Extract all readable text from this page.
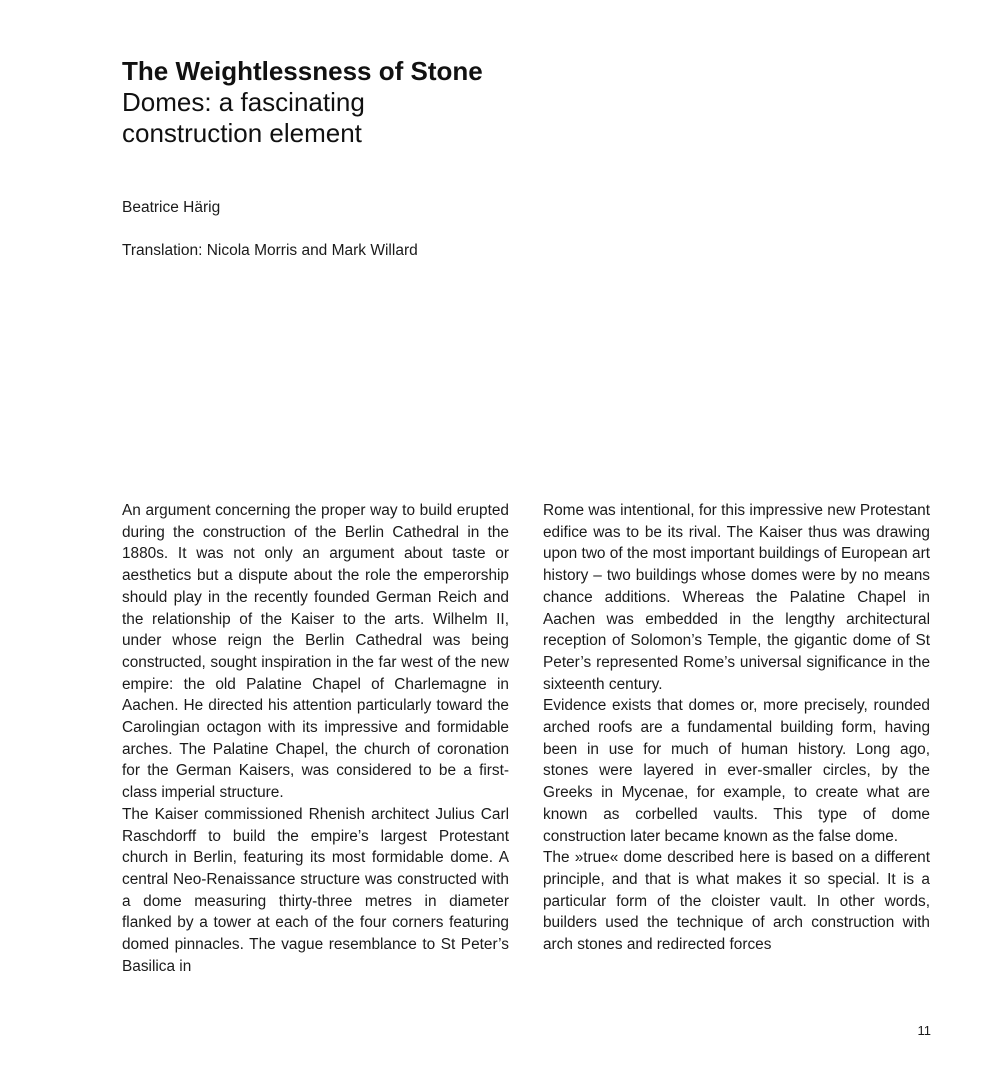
The Weightlessness of Stone
Domes: a fascinating construction element

Beatrice Härig

Translation: Nicola Morris and Mark Willard

An argument concerning the proper way to build erupted during the construction of the Berlin Cathedral in the 1880s. It was not only an argument about taste or aesthetics but a dispute about the role the emperorship should play in the recently founded German Reich and the relationship of the Kaiser to the arts. Wilhelm II, under whose reign the Berlin Cathedral was being constructed, sought inspiration in the far west of the new empire: the old Palatine Chapel of Charlemagne in Aachen. He directed his attention particularly toward the Carolingian octagon with its impressive and formidable arches. The Palatine Chapel, the church of coronation for the German Kaisers, was considered to be a first-class imperial structure.

The Kaiser commissioned Rhenish architect Julius Carl Raschdorff to build the empire’s largest Protestant church in Berlin, featuring its most formidable dome. A central Neo-Renaissance structure was constructed with a dome measuring thirty-three metres in diameter flanked by a tower at each of the four corners featuring domed pinnacles. The vague resemblance to St Peter’s Basilica in

Rome was intentional, for this impressive new Protestant edifice was to be its rival. The Kaiser thus was drawing upon two of the most important buildings of European art history – two buildings whose domes were by no means chance additions. Whereas the Palatine Chapel in Aachen was embedded in the lengthy architectural reception of Solomon’s Temple, the gigantic dome of St Peter’s represented Rome’s universal significance in the sixteenth century.

Evidence exists that domes or, more precisely, rounded arched roofs are a fundamental building form, having been in use for much of human history. Long ago, stones were layered in ever-smaller circles, by the Greeks in Mycenae, for example, to create what are known as corbelled vaults. This type of dome construction later became known as the false dome.

The »true« dome described here is based on a different principle, and that is what makes it so special. It is a particular form of the cloister vault. In other words, builders used the technique of arch construction with arch stones and redirected forces

11
